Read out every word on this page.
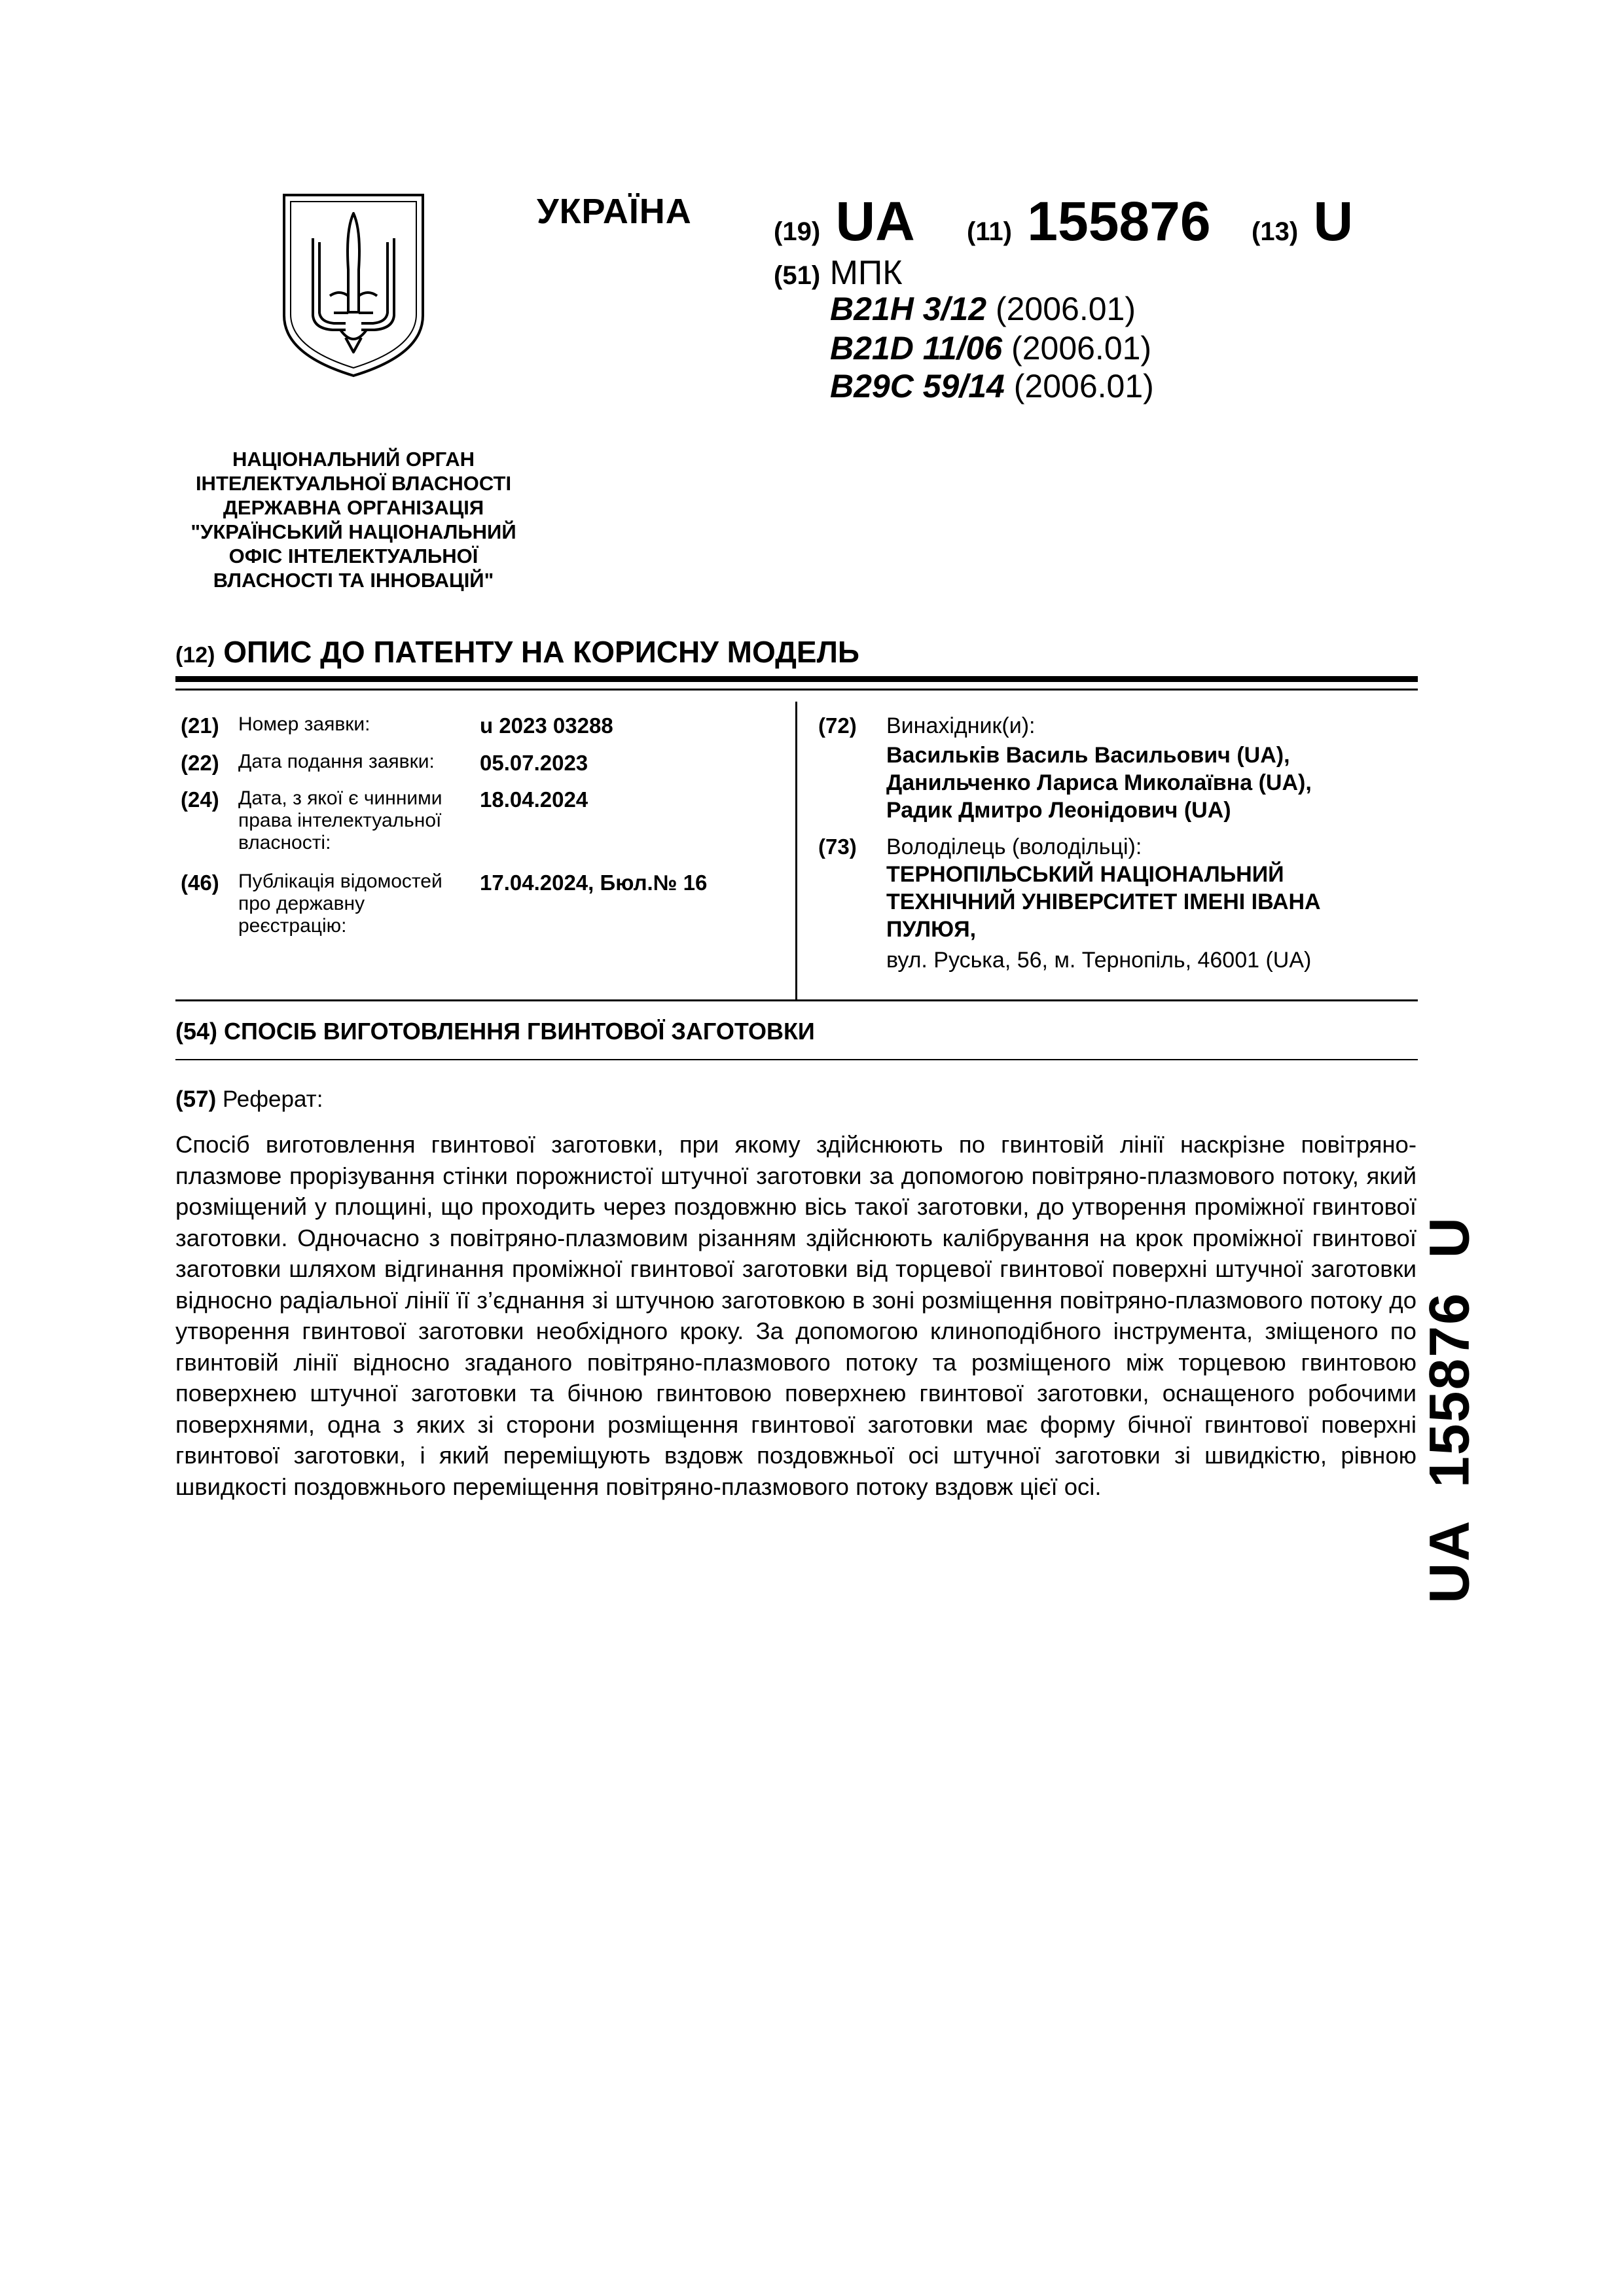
УКРАЇНА
(19) UA (11) 155876 (13) U
(51) МПК
B21H 3/12 (2006.01)
B21D 11/06 (2006.01)
B29C 59/14 (2006.01)
НАЦІОНАЛЬНИЙ ОРГАН
ІНТЕЛЕКТУАЛЬНОЇ ВЛАСНОСТІ
ДЕРЖАВНА ОРГАНІЗАЦІЯ
"УКРАЇНСЬКИЙ НАЦІОНАЛЬНИЙ
ОФІС ІНТЕЛЕКТУАЛЬНОЇ
ВЛАСНОСТІ ТА ІННОВАЦІЙ"
(12) ОПИС ДО ПАТЕНТУ НА КОРИСНУ МОДЕЛЬ
(21) Номер заявки:	u 2023 03288
(22) Дата подання заявки:	05.07.2023
(24) Дата, з якої є чинними права інтелектуальної власності:
18.04.2024
(46) Публікація відомостей про державну реєстрацію:
17.04.2024, Бюл.№ 16
(72) Винахідник(и):
Васильків Василь Васильович (UA),
Данильченко Лариса Миколаївна (UA),
Радик Дмитро Леонідович (UA)
(73) Володілець (володільці):
ТЕРНОПІЛЬСЬКИЙ НАЦІОНАЛЬНИЙ
ТЕХНІЧНИЙ УНІВЕРСИТЕТ ІМЕНІ ІВАНА
ПУЛЮЯ,
вул. Руська, 56, м. Тернопіль, 46001 (UA)
(54) СПОСІБ ВИГОТОВЛЕННЯ ГВИНТОВОЇ ЗАГОТОВКИ
(57) Реферат:
Спосіб виготовлення гвинтової заготовки, при якому здійснюють по гвинтовій лінії наскрізне повітряно-плазмове прорізування стінки порожнистої штучної заготовки за допомогою повітряно-плазмового потоку, який розміщений у площині, що проходить через поздовжню вісь такої заготовки, до утворення проміжної гвинтової заготовки. Одночасно з повітряно-плазмовим різанням здійснюють калібрування на крок проміжної гвинтової заготовки шляхом відгинання проміжної гвинтової заготовки від торцевої гвинтової поверхні штучної заготовки відносно радіальної лінії її з’єднання зі штучною заготовкою в зоні розміщення повітряно-плазмового потоку до утворення гвинтової заготовки необхідного кроку. За допомогою клиноподібного інструмента, зміщеного по гвинтовій лінії відносно згаданого повітряно-плазмового потоку та розміщеного між торцевою гвинтовою поверхнею штучної заготовки та бічною гвинтовою поверхнею гвинтової заготовки, оснащеного робочими поверхнями, одна з яких зі сторони розміщення гвинтової заготовки має форму бічної гвинтової поверхні гвинтової заготовки, і який переміщують вздовж поздовжньої осі штучної заготовки зі швидкістю, рівною швидкості поздовжнього переміщення повітряно-плазмового потоку вздовж цієї осі.	UA  155876  U
